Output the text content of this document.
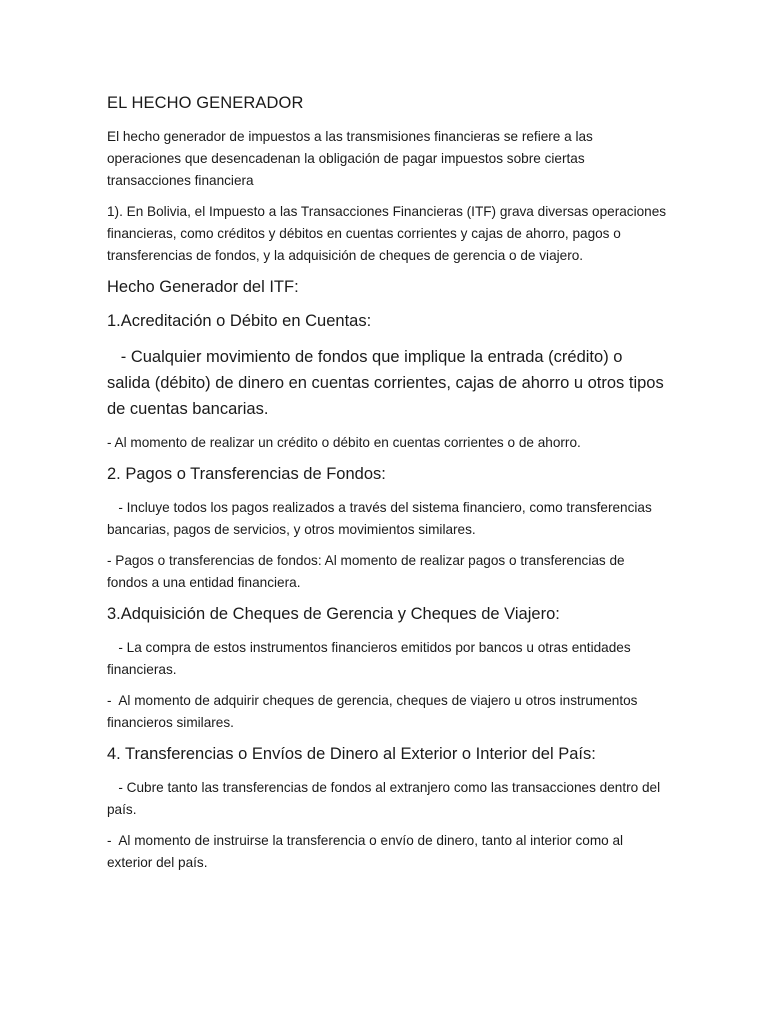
EL HECHO GENERADOR

El hecho generador de impuestos a las transmisiones financieras se refiere a las operaciones que desencadenan la obligación de pagar impuestos sobre ciertas transacciones financiera

1). En Bolivia, el Impuesto a las Transacciones Financieras (ITF) grava diversas operaciones financieras, como créditos y débitos en cuentas corrientes y cajas de ahorro, pagos o transferencias de fondos, y la adquisición de cheques de gerencia o de viajero.

Hecho Generador del ITF:
1.Acreditación o Débito en Cuentas:

- Cualquier movimiento de fondos que implique la entrada (crédito) o salida (débito) de dinero en cuentas corrientes, cajas de ahorro u otros tipos de cuentas bancarias.

- Al momento de realizar un crédito o débito en cuentas corrientes o de ahorro.

2. Pagos o Transferencias de Fondos:

- Incluye todos los pagos realizados a través del sistema financiero, como transferencias bancarias, pagos de servicios, y otros movimientos similares.

- Pagos o transferencias de fondos: Al momento de realizar pagos o transferencias de fondos a una entidad financiera.

3.Adquisición de Cheques de Gerencia y Cheques de Viajero:

- La compra de estos instrumentos financieros emitidos por bancos u otras entidades financieras.

-  Al momento de adquirir cheques de gerencia, cheques de viajero u otros instrumentos financieros similares.

4. Transferencias o Envíos de Dinero al Exterior o Interior del País:

- Cubre tanto las transferencias de fondos al extranjero como las transacciones dentro del país.

-  Al momento de instruirse la transferencia o envío de dinero, tanto al interior como al exterior del país.
